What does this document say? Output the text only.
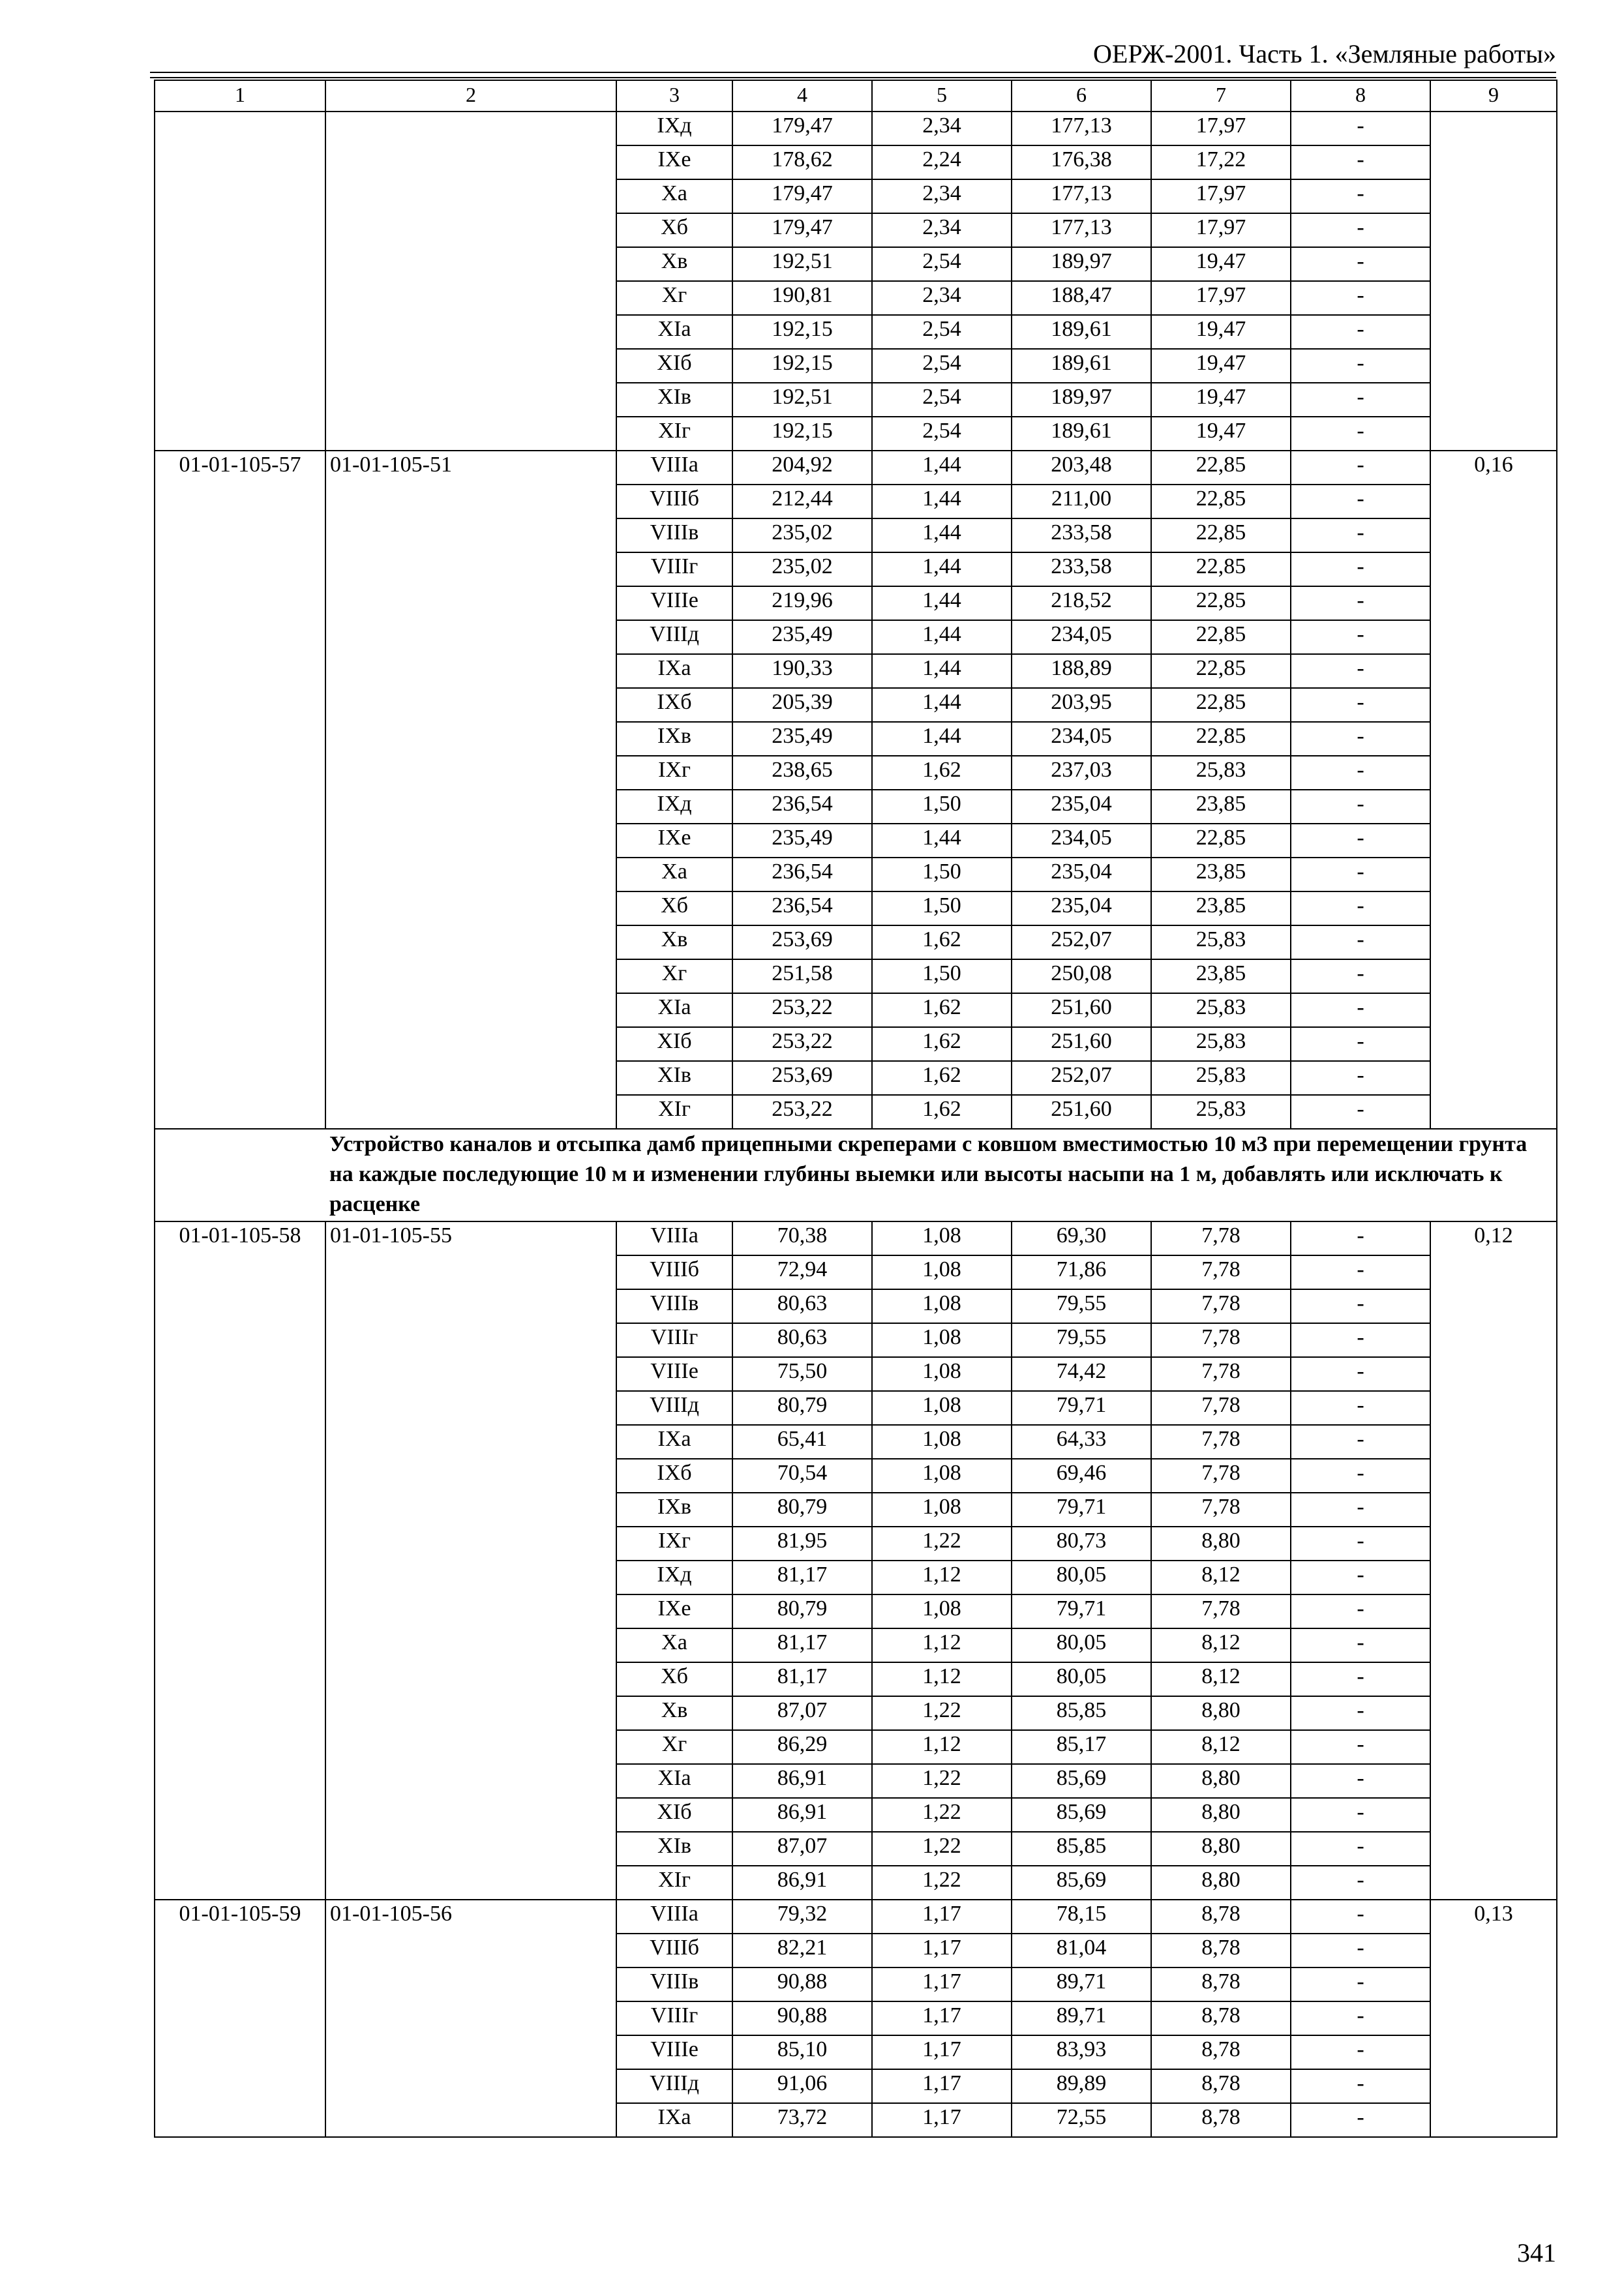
ОЕРЖ-2001. Часть 1. «Земляные работы»
1	2	3	4	5	6	7	8	9
		IXд	179,47	2,34	177,13	17,97	-	
		IXе	178,62	2,24	176,38	17,22	-	
		Xа	179,47	2,34	177,13	17,97	-	
		Xб	179,47	2,34	177,13	17,97	-	
		Xв	192,51	2,54	189,97	19,47	-	
		Xг	190,81	2,34	188,47	17,97	-	
		XIа	192,15	2,54	189,61	19,47	-	
		XIб	192,15	2,54	189,61	19,47	-	
		XIв	192,51	2,54	189,97	19,47	-	
		XIг	192,15	2,54	189,61	19,47	-	
01-01-105-57	01-01-105-51	VIIIа	204,92	1,44	203,48	22,85	-	0,16
		VIIIб	212,44	1,44	211,00	22,85	-	
		VIIIв	235,02	1,44	233,58	22,85	-	
		VIIIг	235,02	1,44	233,58	22,85	-	
		VIIIе	219,96	1,44	218,52	22,85	-	
		VIIIд	235,49	1,44	234,05	22,85	-	
		IXа	190,33	1,44	188,89	22,85	-	
		IXб	205,39	1,44	203,95	22,85	-	
		IXв	235,49	1,44	234,05	22,85	-	
		IXг	238,65	1,62	237,03	25,83	-	
		IXд	236,54	1,50	235,04	23,85	-	
		IXе	235,49	1,44	234,05	22,85	-	
		Xа	236,54	1,50	235,04	23,85	-	
		Xб	236,54	1,50	235,04	23,85	-	
		Xв	253,69	1,62	252,07	25,83	-	
		Xг	251,58	1,50	250,08	23,85	-	
		XIа	253,22	1,62	251,60	25,83	-	
		XIб	253,22	1,62	251,60	25,83	-	
		XIв	253,69	1,62	252,07	25,83	-	
		XIг	253,22	1,62	251,60	25,83	-	
	Устройство каналов и отсыпка дамб прицепными скреперами с ковшом вместимостью 10 м3 при перемещении грунта на каждые последующие 10 м и изменении глубины выемки или высоты насыпи на 1 м, добавлять или исключать к расценке							
01-01-105-58	01-01-105-55	VIIIа	70,38	1,08	69,30	7,78	-	0,12
		VIIIб	72,94	1,08	71,86	7,78	-	
		VIIIв	80,63	1,08	79,55	7,78	-	
		VIIIг	80,63	1,08	79,55	7,78	-	
		VIIIе	75,50	1,08	74,42	7,78	-	
		VIIIд	80,79	1,08	79,71	7,78	-	
		IXа	65,41	1,08	64,33	7,78	-	
		IXб	70,54	1,08	69,46	7,78	-	
		IXв	80,79	1,08	79,71	7,78	-	
		IXг	81,95	1,22	80,73	8,80	-	
		IXд	81,17	1,12	80,05	8,12	-	
		IXе	80,79	1,08	79,71	7,78	-	
		Xа	81,17	1,12	80,05	8,12	-	
		Xб	81,17	1,12	80,05	8,12	-	
		Xв	87,07	1,22	85,85	8,80	-	
		Xг	86,29	1,12	85,17	8,12	-	
		XIа	86,91	1,22	85,69	8,80	-	
		XIб	86,91	1,22	85,69	8,80	-	
		XIв	87,07	1,22	85,85	8,80	-	
		XIг	86,91	1,22	85,69	8,80	-	
01-01-105-59	01-01-105-56	VIIIа	79,32	1,17	78,15	8,78	-	0,13
		VIIIб	82,21	1,17	81,04	8,78	-	
		VIIIв	90,88	1,17	89,71	8,78	-	
		VIIIг	90,88	1,17	89,71	8,78	-	
		VIIIе	85,10	1,17	83,93	8,78	-	
		VIIIд	91,06	1,17	89,89	8,78	-	
		IXа	73,72	1,17	72,55	8,78	-	
341
